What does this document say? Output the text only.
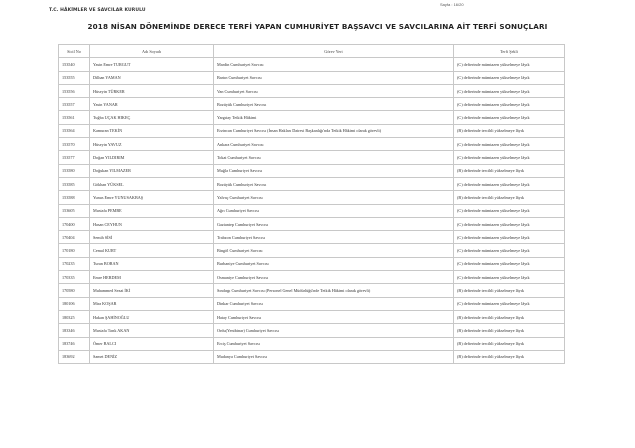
Sayfa : 16/20
T.C. HÂKİMLER VE SAVCILAR KURULU
2018 NİSAN DÖNEMİNDE DERECE TERFİ YAPAN CUMHURİYET BAŞSAVCI VE SAVCILARINA AİT TERFİ SONUÇLARI
Sicil No	Adı Soyadı	Görev Yeri	Terfi Şekli
153540	Yasin Emre TURGUT	Mardin Cumhuriyet Savcısı	(C) defterinde mümtazen yükselmeye lâyık
153555	Dilhan YAMAN	Bartın Cumhuriyet Savcısı	(C) defterinde mümtazen yükselmeye lâyık
153556	Hüseyin TÜRKER	Van Cumhuriyet Savcısı	(C) defterinde mümtazen yükselmeye lâyık
153557	Yasin YANAR	Bozüyük Cumhuriyet Savcısı	(C) defterinde mümtazen yükselmeye lâyık
153561	Tuğba UÇAK HIKEÇ	Yargıtay Tetkik Hâkimi	(C) defterinde mümtazen yükselmeye lâyık
153564	Kamuran TEKİN	Erzincan Cumhuriyet Savcısı (İnsan Hakları Dairesi Başkanlığı'nda Tetkik Hâkimi olarak görevli)	(B) defterinde tercihli yükselmeye lâyık
153570	Hüseyin YAVUZ	Ankara Cumhuriyet Savcısı	(C) defterinde mümtazen yükselmeye lâyık
153577	Doğan YILDIRIM	Tokat Cumhuriyet Savcısı	(C) defterinde mümtazen yükselmeye lâyık
153580	Doğukan YILMAZER	Muğla Cumhuriyet Savcısı	(B) defterinde tercihli yükselmeye lâyık
153585	Gökhan YÜKSEL	Bozüyük Cumhuriyet Savcısı	(C) defterinde mümtazen yükselmeye lâyık
153588	Yunus Emre YUNUSAKBAŞ	Yalvaç Cumhuriyet Savcısı	(B) defterinde tercihli yükselmeye lâyık
153605	Mustafa PEMBE	Ağrı Cumhuriyet Savcısı	(C) defterinde mümtazen yükselmeye lâyık
170400	Hasan CEYHUN	Gaziantep Cumhuriyet Savcısı	(C) defterinde mümtazen yükselmeye lâyık
170404	Semih SİSİ	Trabzon Cumhuriyet Savcısı	(C) defterinde mümtazen yükselmeye lâyık
170180	Cemal KURT	Bingöl Cumhuriyet Savcısı	(C) defterinde mümtazen yükselmeye lâyık
170235	Turan BORAN	Burhaniye Cumhuriyet Savcısı	(C) defterinde mümtazen yükselmeye lâyık
170335	Emre HERDEM	Osmaniye Cumhuriyet Savcısı	(C) defterinde mümtazen yükselmeye lâyık
170580	Muhammed Sezai İKİ	Sındırgı Cumhuriyet Savcısı (Personel Genel Müdürlüğü'nde Tetkik Hâkimi olarak görevli)	(B) defterinde tercihli yükselmeye lâyık
180106	Mira KOŞAR	Dinkar Cumhuriyet Savcısı	(C) defterinde mümtazen yükselmeye lâyık
180325	Hakan ŞAHİNOĞLU	Hatay Cumhuriyet Savcısı	(B) defterinde tercihli yükselmeye lâyık
183346	Mustafa Tarık AKAN	Ordu(Yenibinar) Cumhuriyet Savcısı	(B) defterinde tercihli yükselmeye lâyık
183746	Ömer BALCI	Erciş Cumhuriyet Savcısı	(B) defterinde tercihli yükselmeye lâyık
183692	Samet DENİZ	Mudanya Cumhuriyet Savcısı	(B) defterinde tercihli yükselmeye lâyık
